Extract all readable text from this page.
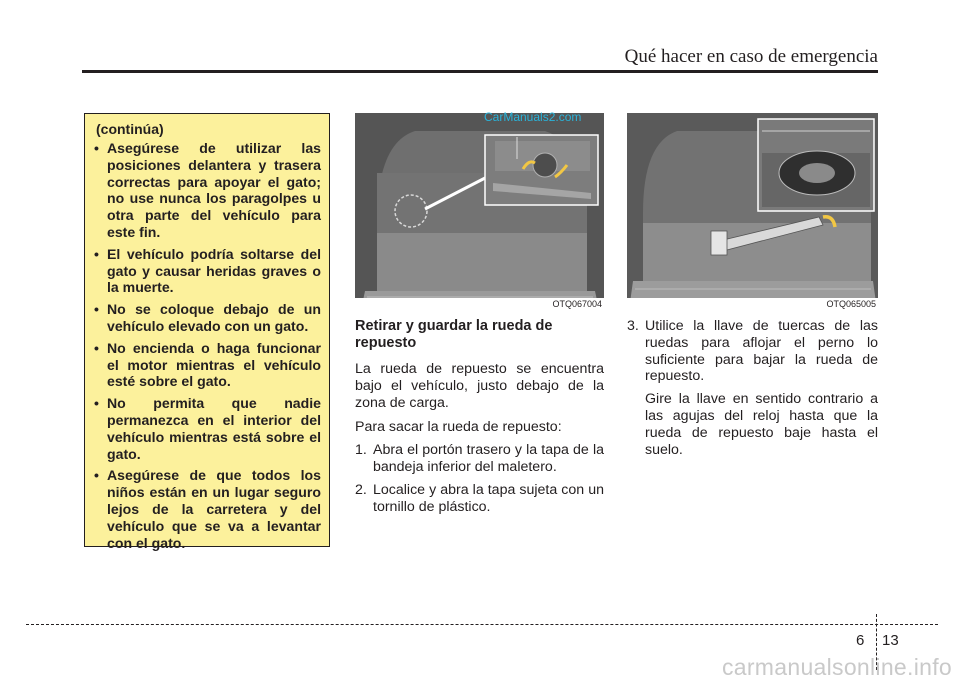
Qué hacer en caso de emergencia
(continúa)
• Asegúrese de utilizar las posiciones delantera y trasera correctas para apoyar el gato; no use nunca los paragolpes u otra parte del vehículo para este fin.
• El vehículo podría soltarse del gato y causar heridas graves o la muerte.
• No se coloque debajo de un vehículo elevado con un gato.
• No encienda o haga funcionar el motor mientras el vehículo esté sobre el gato.
• No permita que nadie permanezca en el interior del vehículo mientras está sobre el gato.
• Asegúrese de que todos los niños están en un lugar seguro lejos de la carretera y del vehículo que se va a levantar con el gato.
CarManuals2.com
OTQ067004	OTQ065005
Retirar y guardar la rueda de repuesto

La rueda de repuesto se encuentra bajo el vehículo, justo debajo de la zona de carga.

Para sacar la rueda de repuesto:

1. Abra el portón trasero y la tapa de la bandeja inferior del maletero.
2. Localice y abra la tapa sujeta con un tornillo de plástico.
3. Utilice la llave de tuercas de las ruedas para aflojar el perno lo suficiente para bajar la rueda de repuesto.
Gire la llave en sentido contrario a las agujas del reloj hasta que la rueda de repuesto baje hasta el suelo.
6 13
carmanualsonline.info
